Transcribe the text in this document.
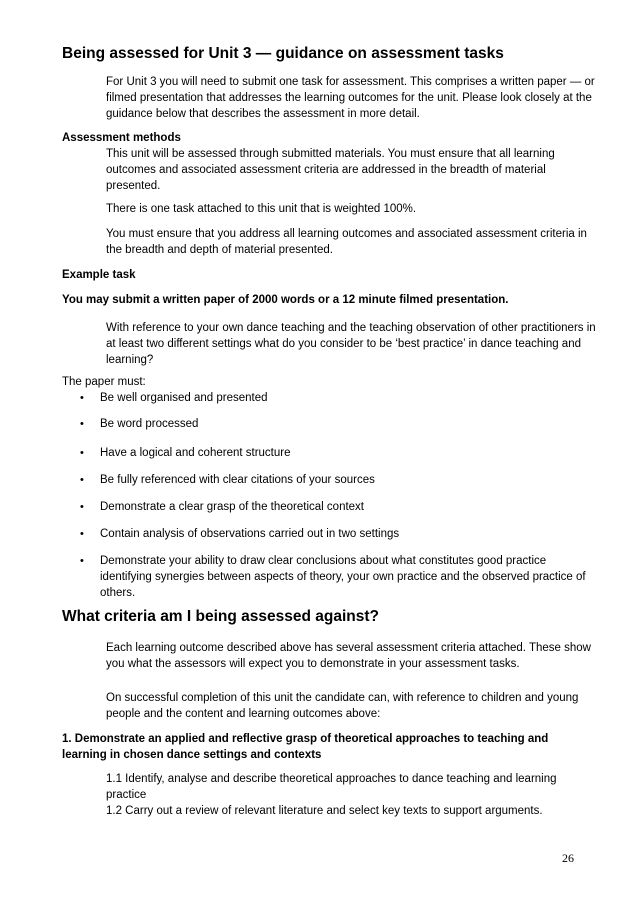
Being assessed for Unit 3 — guidance on assessment tasks
For Unit 3 you will need to submit one task for assessment. This comprises a written paper — or filmed presentation that addresses the learning outcomes for the unit. Please look closely at the guidance below that describes the assessment in more detail.
Assessment methods
This unit will be assessed through submitted materials. You must ensure that all learning outcomes and associated assessment criteria are addressed in the breadth of material presented.
There is one task attached to this unit that is weighted 100%.
You must ensure that you address all learning outcomes and associated assessment criteria in the breadth and depth of material presented.
Example task
You may submit a written paper of 2000 words or a 12 minute filmed presentation.
With reference to your own dance teaching and the teaching observation of other practitioners in at least two different settings what do you consider to be ‘best practice’ in dance teaching and learning?
The paper must:
• Be well organised and presented
• Be word processed
• Have a logical and coherent structure
• Be fully referenced with clear citations of your sources
• Demonstrate a clear grasp of the theoretical context
• Contain analysis of observations carried out in two settings
• Demonstrate your ability to draw clear conclusions about what constitutes good practice identifying synergies between aspects of theory, your own practice and the observed practice of others.
What criteria am I being assessed against?
Each learning outcome described above has several assessment criteria attached. These show you what the assessors will expect you to demonstrate in your assessment tasks.
On successful completion of this unit the candidate can, with reference to children and young people and the content and learning outcomes above:
1. Demonstrate an applied and reflective grasp of theoretical approaches to teaching and learning in chosen dance settings and contexts
1.1 Identify, analyse and describe theoretical approaches to dance teaching and learning practice
1.2 Carry out a review of relevant literature and select key texts to support arguments.
26
